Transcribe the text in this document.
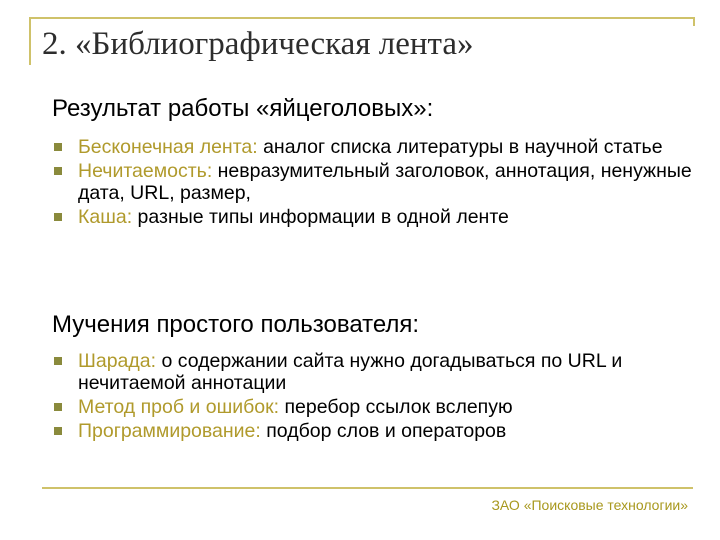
2. «Библиографическая лента»
Результат работы «яйцеголовых»:
Бесконечная лента: аналог списка литературы в научной статье
Нечитаемость: невразумительный заголовок, аннотация, ненужные дата, URL, размер,
Каша: разные типы информации в одной ленте
Мучения простого пользователя:
Шарада: о содержании сайта нужно догадываться по URL и нечитаемой аннотации
Метод проб и ошибок: перебор ссылок вслепую
Программирование: подбор слов и операторов
ЗАО «Поисковые технологии»
